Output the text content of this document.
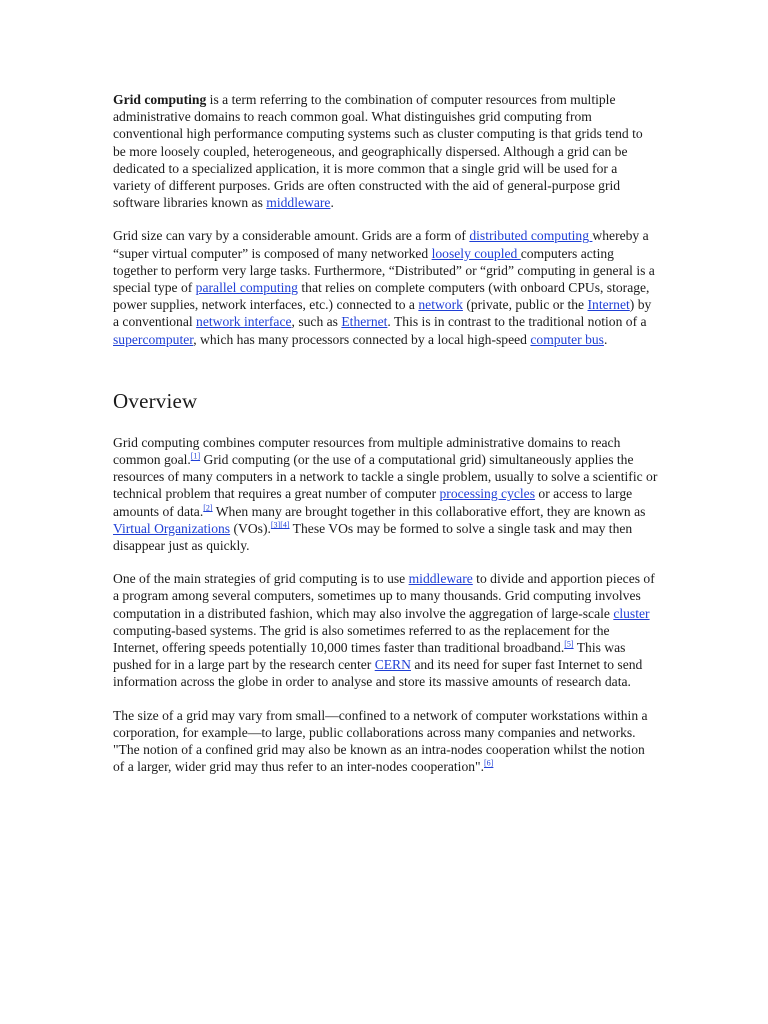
Grid computing is a term referring to the combination of computer resources from multiple administrative domains to reach common goal. What distinguishes grid computing from conventional high performance computing systems such as cluster computing is that grids tend to be more loosely coupled, heterogeneous, and geographically dispersed. Although a grid can be dedicated to a specialized application, it is more common that a single grid will be used for a variety of different purposes. Grids are often constructed with the aid of general-purpose grid software libraries known as middleware.

Grid size can vary by a considerable amount. Grids are a form of distributed computing whereby a “super virtual computer” is composed of many networked loosely coupled computers acting together to perform very large tasks. Furthermore, “Distributed” or “grid” computing in general is a special type of parallel computing that relies on complete computers (with onboard CPUs, storage, power supplies, network interfaces, etc.) connected to a network (private, public or the Internet) by a conventional network interface, such as Ethernet. This is in contrast to the traditional notion of a supercomputer, which has many processors connected by a local high-speed computer bus.

Overview

Grid computing combines computer resources from multiple administrative domains to reach common goal.[1] Grid computing (or the use of a computational grid) simultaneously applies the resources of many computers in a network to tackle a single problem, usually to solve a scientific or technical problem that requires a great number of computer processing cycles or access to large amounts of data.[2] When many are brought together in this collaborative effort, they are known as Virtual Organizations (VOs).[3][4] These VOs may be formed to solve a single task and may then disappear just as quickly.

One of the main strategies of grid computing is to use middleware to divide and apportion pieces of a program among several computers, sometimes up to many thousands. Grid computing involves computation in a distributed fashion, which may also involve the aggregation of large-scale cluster computing-based systems. The grid is also sometimes referred to as the replacement for the Internet, offering speeds potentially 10,000 times faster than traditional broadband.[5] This was pushed for in a large part by the research center CERN and its need for super fast Internet to send information across the globe in order to analyse and store its massive amounts of research data.

The size of a grid may vary from small—confined to a network of computer workstations within a corporation, for example—to large, public collaborations across many companies and networks. "The notion of a confined grid may also be known as an intra-nodes cooperation whilst the notion of a larger, wider grid may thus refer to an inter-nodes cooperation".[6]
